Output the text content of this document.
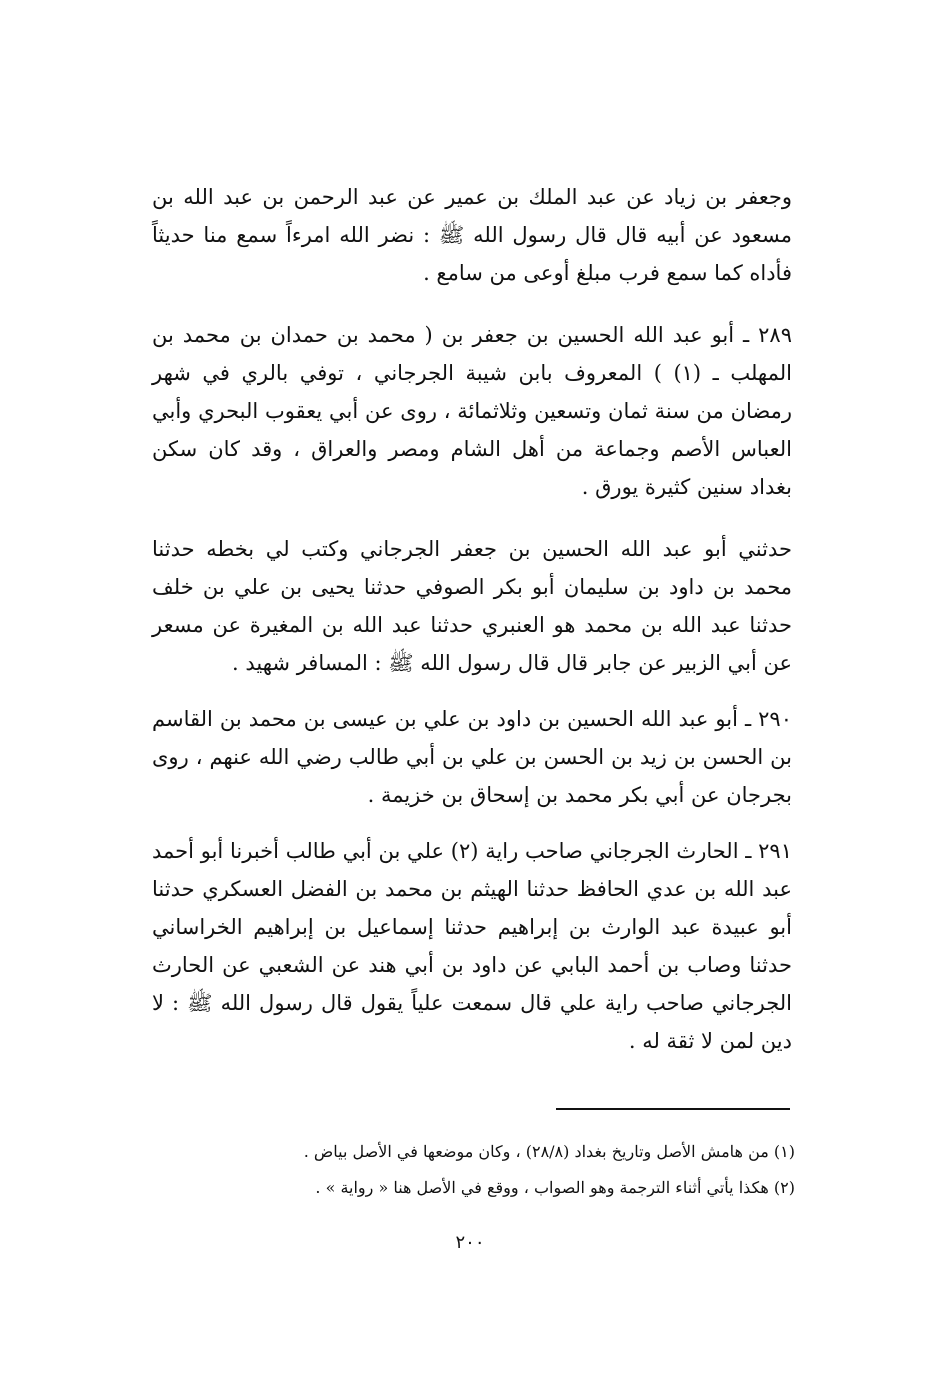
وجعفر بن زياد عن عبد الملك بن عمير عن عبد الرحمن بن عبد الله بن مسعود عن أبيه قال قال رسول الله ﷺ : نضر الله امرءاً سمع منا حديثاً فأداه كما سمع فرب مبلغ أوعى من سامع .

٢٨٩ ـ أبو عبد الله الحسين بن جعفر بن ( محمد بن حمدان بن محمد بن المهلب ـ (١) ) المعروف بابن شيبة الجرجاني ، توفي بالري في شهر رمضان من سنة ثمان وتسعين وثلاثمائة ، روى عن أبي يعقوب البحري وأبي العباس الأصم وجماعة من أهل الشام ومصر والعراق ، وقد كان سكن بغداد سنين كثيرة يورق .

حدثني أبو عبد الله الحسين بن جعفر الجرجاني وكتب لي بخطه حدثنا محمد بن داود بن سليمان أبو بكر الصوفي حدثنا يحيى بن علي بن خلف حدثنا عبد الله بن محمد هو العنبري حدثنا عبد الله بن المغيرة عن مسعر عن أبي الزبير عن جابر قال قال رسول الله ﷺ : المسافر شهيد .

٢٩٠ ـ أبو عبد الله الحسين بن داود بن علي بن عيسى بن محمد بن القاسم بن الحسن بن زيد بن الحسن بن علي بن أبي طالب رضي الله عنهم ، روى بجرجان عن أبي بكر محمد بن إسحاق بن خزيمة .

٢٩١ ـ الحارث الجرجاني صاحب راية (٢) علي بن أبي طالب أخبرنا أبو أحمد عبد الله بن عدي الحافظ حدثنا الهيثم بن محمد بن الفضل العسكري حدثنا أبو عبيدة عبد الوارث بن إبراهيم حدثنا إسماعيل بن إبراهيم الخراساني حدثنا وصاب بن أحمد البابي عن داود بن أبي هند عن الشعبي عن الحارث الجرجاني صاحب راية علي قال سمعت علياً يقول قال رسول الله ﷺ : لا دين لمن لا ثقة له .

(١) من هامش الأصل وتاريخ بغداد (٢٨/٨) ، وكان موضعها في الأصل بياض .

(٢) هكذا يأتي أثناء الترجمة وهو الصواب ، ووقع في الأصل هنا « رواية » .

٢٠٠
